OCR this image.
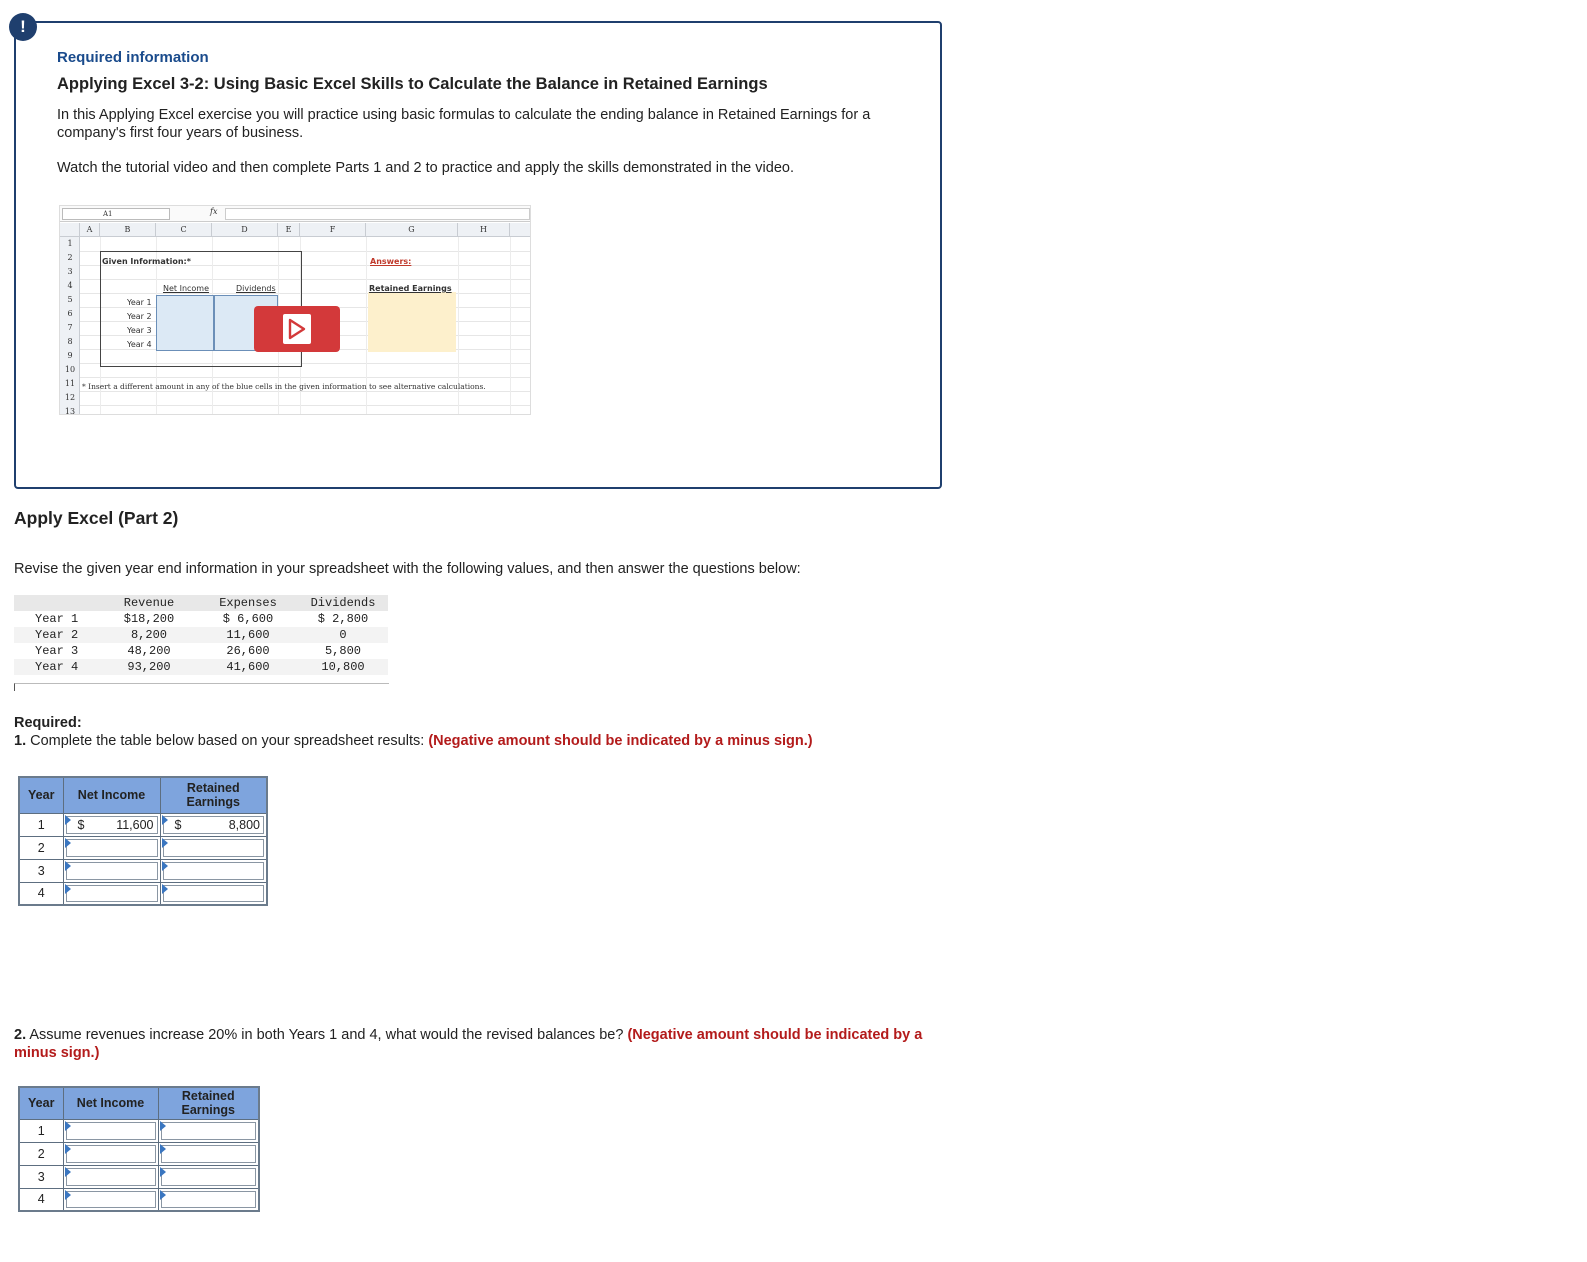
!
Required information
Applying Excel 3-2: Using Basic Excel Skills to Calculate the Balance in Retained Earnings

In this Applying Excel exercise you will practice using basic formulas to calculate the ending balance in Retained Earnings for a company's first four years of business.

Watch the tutorial video and then complete Parts 1 and 2 to practice and apply the skills demonstrated in the video.

A1	fx
A	B	C	D	E	F	G	H
1
2
3
4
5
6
7
8
9
10
11
12
13
Given Information:*	Answers:
Net Income	Dividends	Retained Earnings
Year 1
Year 2
Year 3
Year 4
* Insert a different amount in any of the blue cells in the given information to see alternative calculations.
Apply Excel (Part 2)
Revise the given year end information in your spreadsheet with the following values, and then answer the questions below:
	Revenue	Expenses	Dividends
Year 1	$18,200	$ 6,600	$ 2,800
Year 2	8,200	11,600	0
Year 3	48,200	26,600	5,800
Year 4	93,200	41,600	10,800
Required:

1. Complete the table below based on your spreadsheet results: (Negative amount should be indicated by a minus sign.)

Year	Net Income	Retained Earnings
1	$ 11,600	$ 8,800

2	

3	

4	

2. Assume revenues increase 20% in both Years 1 and 4, what would the revised balances be? (Negative amount should be indicated by a minus sign.)

Year	Net Income	Retained Earnings
1	

2	

3	

4	
